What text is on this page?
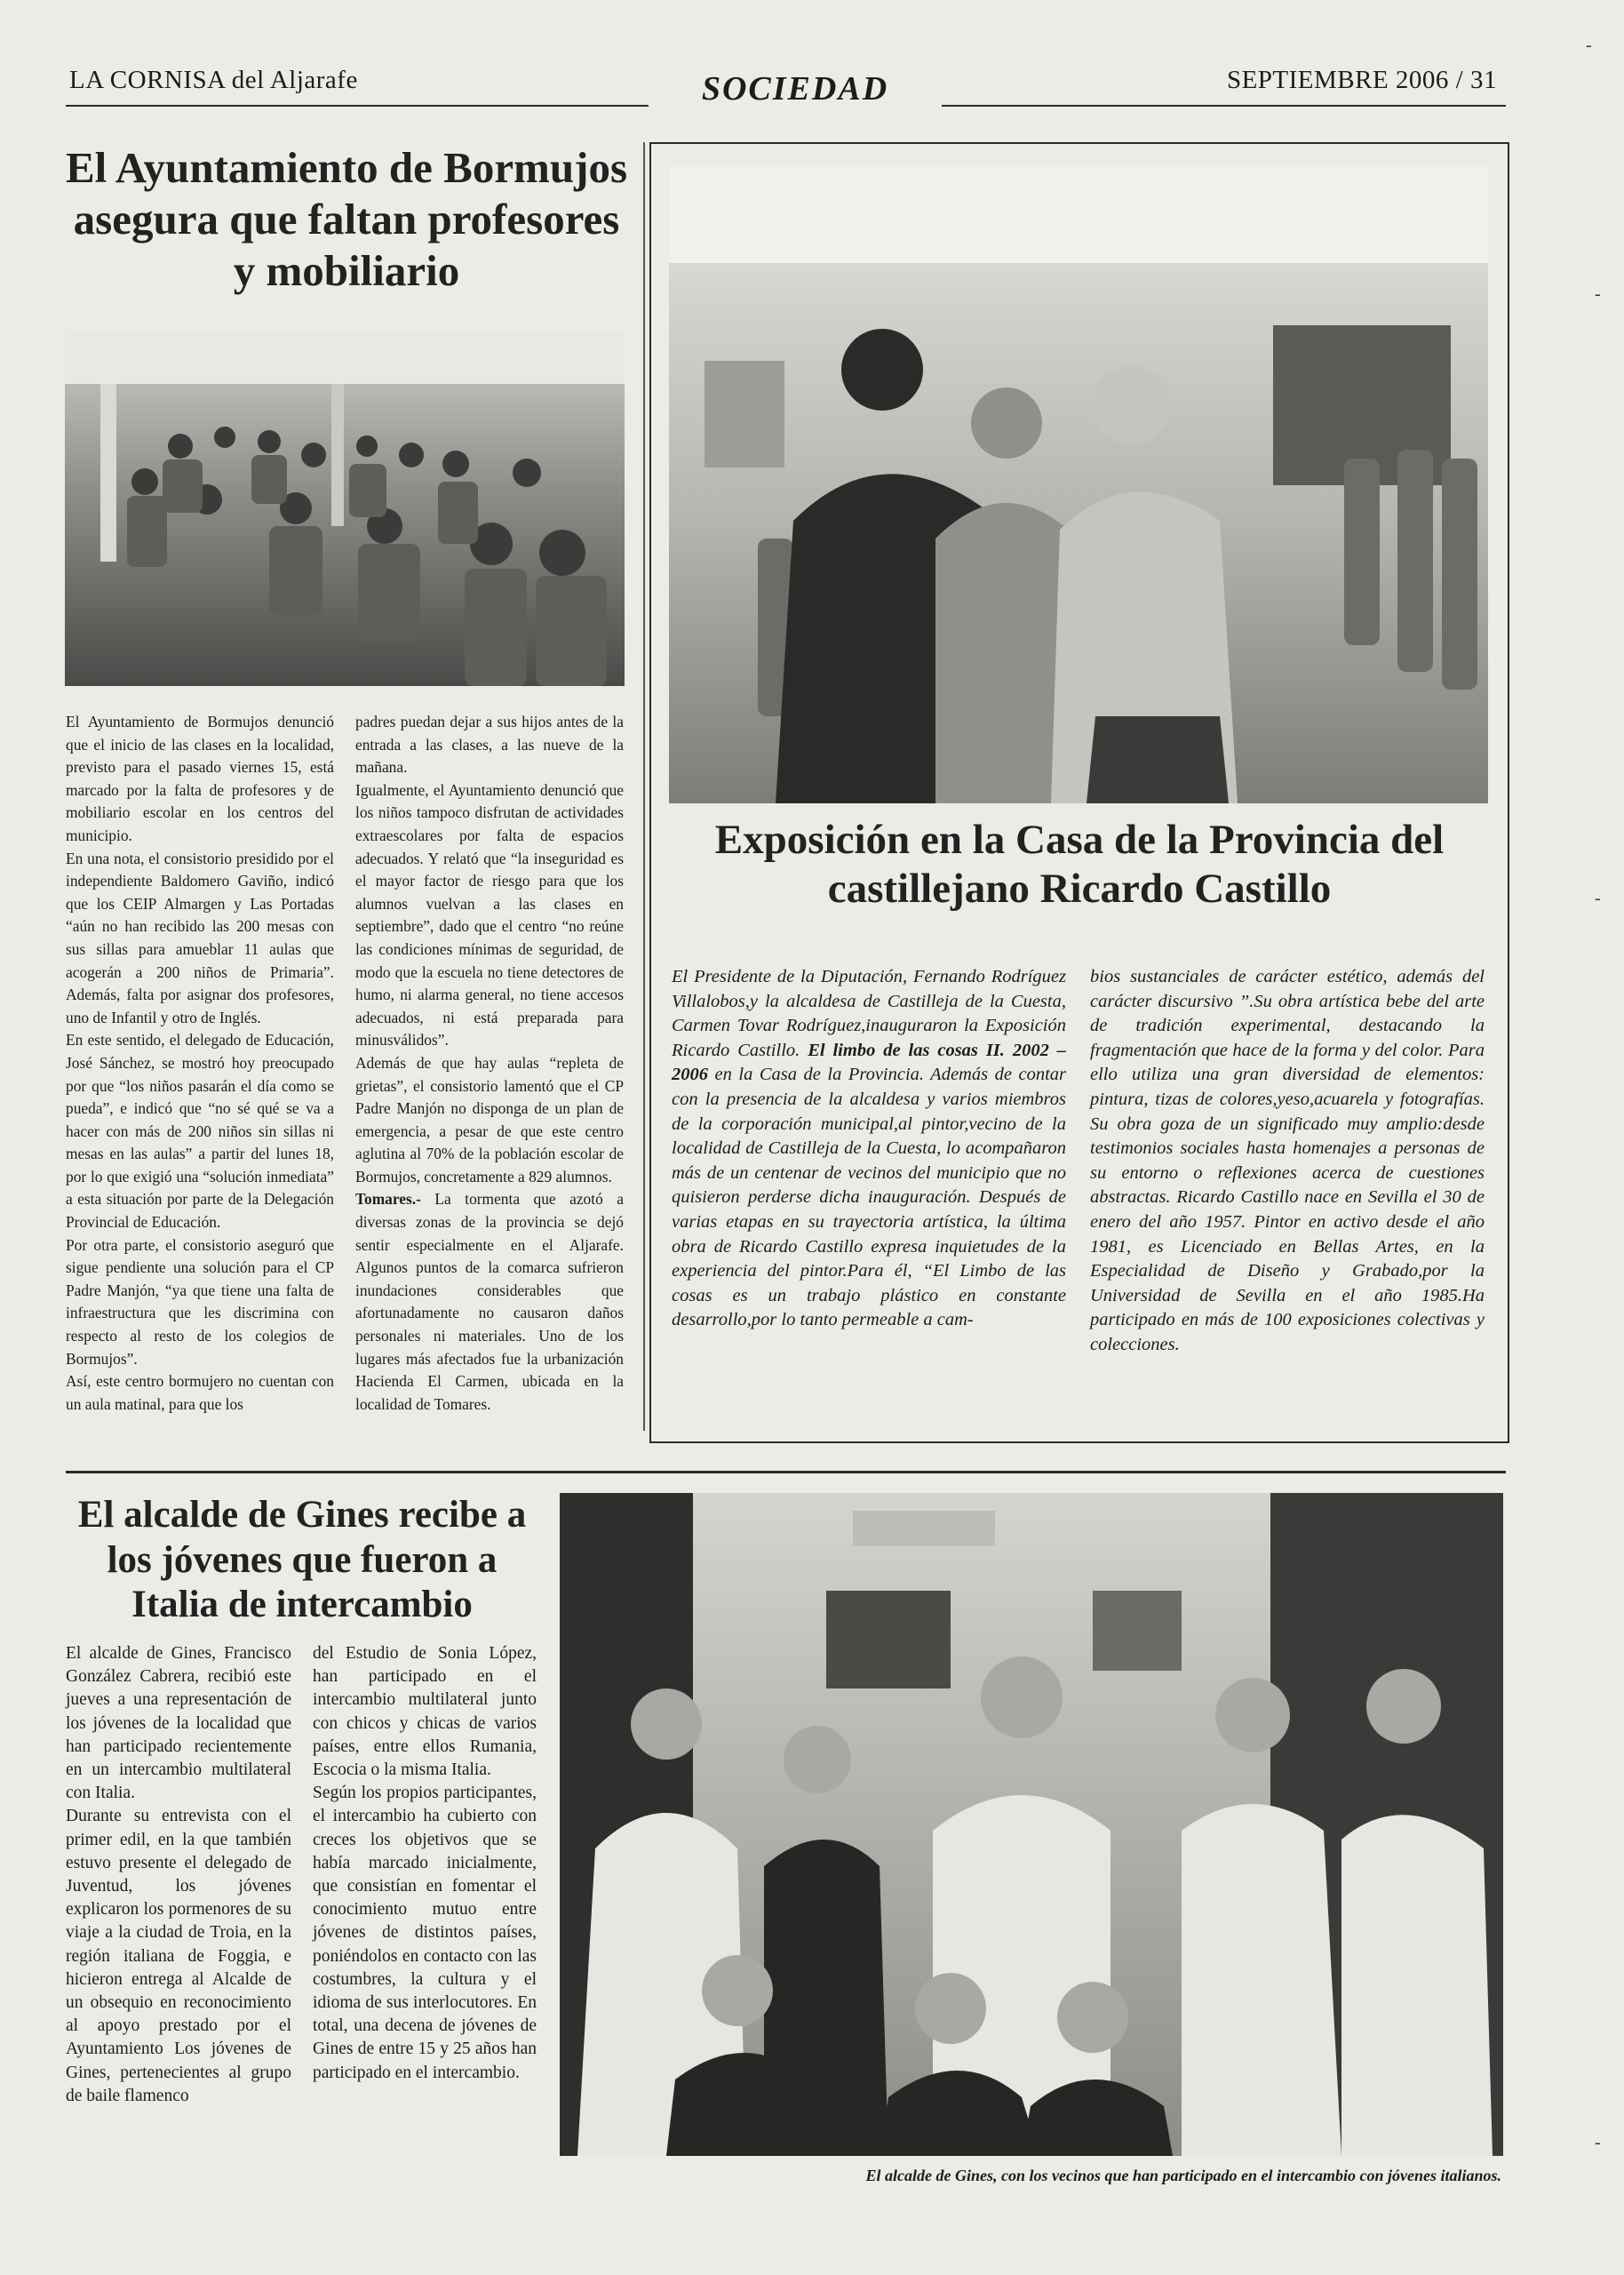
​
-
-
-
-
LA CORNISA del Aljarafe	SOCIEDAD	SEPTIEMBRE 2006 / 31
El Ayuntamiento de Bormujos asegura que faltan profesores y mobiliario

El Ayuntamiento de Bormujos denunció que el inicio de las clases en la localidad, previsto para el pasado viernes 15, está marcado por la falta de profesores y de mobiliario escolar en los centros del municipio.

En una nota, el consistorio presidido por el independiente Baldomero Gaviño, indicó que los CEIP Almargen y Las Portadas “aún no han recibido las 200 mesas con sus sillas para amueblar 11 aulas que acogerán a 200 niños de Primaria”. Además, falta por asignar dos profesores, uno de Infantil y otro de Inglés.

En este sentido, el delegado de Educación, José Sánchez, se mostró hoy preocupado por que “los niños pasarán el día como se pueda”, e indicó que “no sé qué se va a hacer con más de 200 niños sin sillas ni mesas en las aulas” a partir del lunes 18, por lo que exigió una “solución inmediata” a esta situación por parte de la Delegación Provincial de Educación.

Por otra parte, el consistorio aseguró que sigue pendiente una solución para el CP Padre Manjón, “ya que tiene una falta de infraestructura que les discrimina con respecto al resto de los colegios de Bormujos”.

Así, este centro bormujero no cuentan con un aula matinal, para que los

padres puedan dejar a sus hijos antes de la entrada a las clases, a las nueve de la mañana.

Igualmente, el Ayuntamiento denunció que los niños tampoco disfrutan de actividades extraescolares por falta de espacios adecuados. Y relató que “la inseguridad es el mayor factor de riesgo para que los alumnos vuelvan a las clases en septiembre”, dado que el centro “no reúne las condiciones mínimas de seguridad, de modo que la escuela no tiene detectores de humo, ni alarma general, no tiene accesos adecuados, ni está preparada para minusválidos”.

Además de que hay aulas “repleta de grietas”, el consistorio lamentó que el CP Padre Manjón no disponga de un plan de emergencia, a pesar de que este centro aglutina al 70% de la población escolar de Bormujos, concretamente a 829 alumnos.

Tomares.- La tormenta que azotó a diversas zonas de la provincia se dejó sentir especialmente en el Aljarafe. Algunos puntos de la comarca sufrieron inundaciones considerables que afortunadamente no causaron daños personales ni materiales. Uno de los lugares más afectados fue la urbanización Hacienda El Carmen, ubicada en la localidad de Tomares.

Exposición en la Casa de la Provincia del castillejano Ricardo Castillo

El Presidente de la Diputación, Fernando Rodríguez Villalobos,y la alcaldesa de Castilleja de la Cuesta, Carmen Tovar Rodríguez,inauguraron la Exposición Ricardo Castillo. El limbo de las cosas II. 2002 – 2006 en la Casa de la Provincia. Además de contar con la presencia de la alcaldesa y varios miembros de la corporación municipal,al pintor,vecino de la localidad de Castilleja de la Cuesta, lo acompañaron más de un centenar de vecinos del municipio que no quisieron perderse dicha inauguración. Después de varias etapas en su trayectoria artística, la última obra de Ricardo Castillo expresa inquietudes de la experiencia del pintor.Para él, “El Limbo de las cosas es un trabajo plástico en constante desarrollo,por lo tanto permeable a cam-

bios sustanciales de carácter estético, además del carácter discursivo ”.Su obra artística bebe del arte de tradición experimental, destacando la fragmentación que hace de la forma y del color. Para ello utiliza una gran diversidad de elementos: pintura, tizas de colores,yeso,acuarela y fotografías. Su obra goza de un significado muy amplio:desde testimonios sociales hasta homenajes a personas de su entorno o reflexiones acerca de cuestiones abstractas. Ricardo Castillo nace en Sevilla el 30 de enero del año 1957. Pintor en activo desde el año 1981, es Licenciado en Bellas Artes, en la Especialidad de Diseño y Grabado,por la Universidad de Sevilla en el año 1985.Ha participado en más de 100 exposiciones colectivas y colecciones.

El alcalde de Gines recibe a los jóvenes que fueron a Italia de intercambio

El alcalde de Gines, Francisco González Cabrera, recibió este jueves a una representación de los jóvenes de la localidad que han participado recientemente en un intercambio multilateral con Italia.

Durante su entrevista con el primer edil, en la que también estuvo presente el delegado de Juventud, los jóvenes explicaron los pormenores de su viaje a la ciudad de Troia, en la región italiana de Foggia, e hicieron entrega al Alcalde de un obsequio en reconocimiento al apoyo prestado por el Ayuntamiento Los jóvenes de Gines, pertenecientes al grupo de baile flamenco

del Estudio de Sonia López, han participado en el intercambio multilateral junto con chicos y chicas de varios países, entre ellos Rumania, Escocia o la misma Italia.

Según los propios participantes, el intercambio ha cubierto con creces los objetivos que se había marcado inicialmente, que consistían en fomentar el conocimiento mutuo entre jóvenes de distintos países, poniéndolos en contacto con las costumbres, la cultura y el idioma de sus interlocutores. En total, una decena de jóvenes de Gines de entre 15 y 25 años han participado en el intercambio.

El alcalde de Gines, con los vecinos que han participado en el intercambio con jóvenes italianos.
